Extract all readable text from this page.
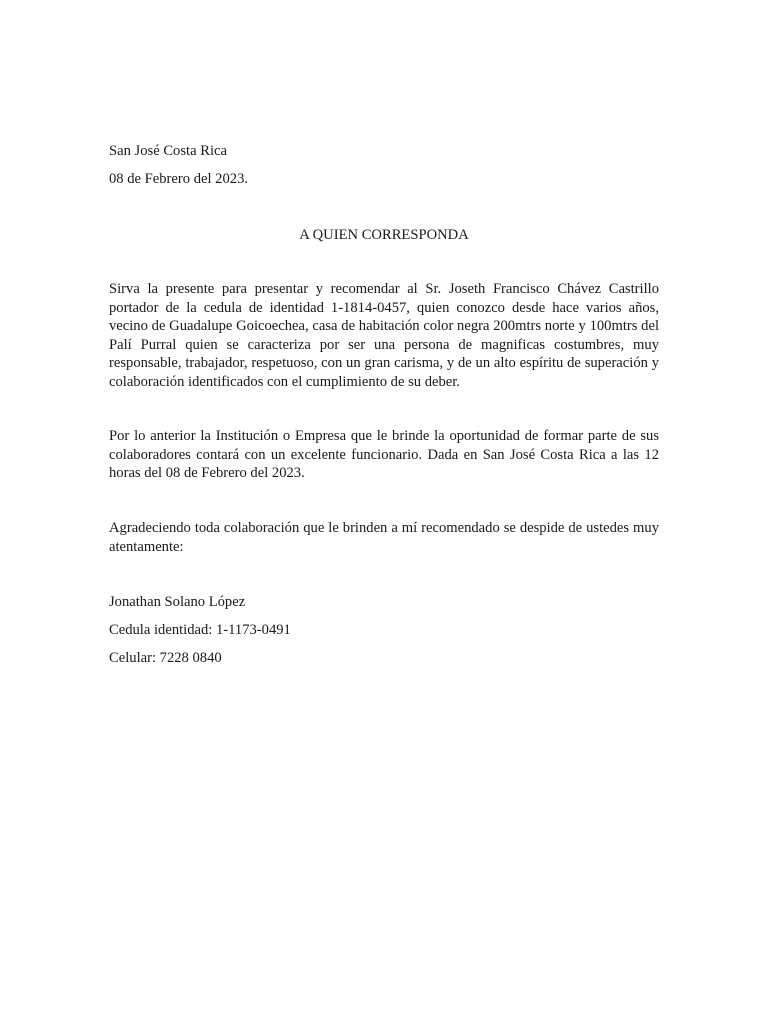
San José Costa Rica

08 de Febrero del 2023.

A QUIEN CORRESPONDA

Sirva la presente para presentar y recomendar al Sr. Joseth Francisco Chávez Castrillo portador de la cedula de identidad 1-1814-0457, quien conozco desde hace varios años, vecino de Guadalupe Goicoechea, casa de habitación color negra 200mtrs norte y 100mtrs del Palí Purral quien se caracteriza por ser una persona de magnificas costumbres, muy responsable, trabajador, respetuoso, con un gran carisma, y de un alto espíritu de superación y colaboración identificados con el cumplimiento de su deber.

Por lo anterior la Institución o Empresa que le brinde la oportunidad de formar parte de sus colaboradores contará con un excelente funcionario. Dada en San José Costa Rica a las 12 horas del 08 de Febrero del 2023.

Agradeciendo toda colaboración que le brinden a mí recomendado se despide de ustedes muy atentamente:

Jonathan Solano López

Cedula identidad: 1-1173-0491

Celular: 7228 0840
